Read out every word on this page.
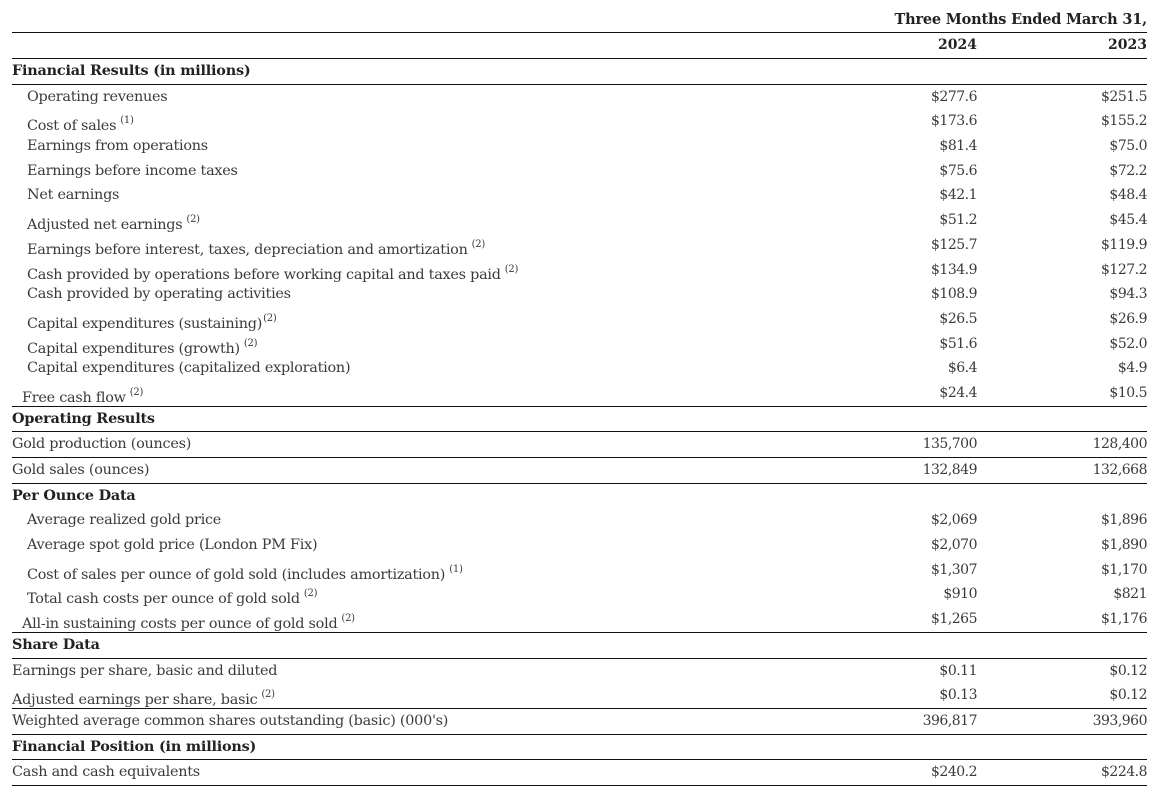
Three Months Ended March 31,
2024	2023
Financial Results (in millions)
Operating revenues	$277.6	$251.5
Cost of sales $^{(1)}$	$173.6	$155.2
Earnings from operations	$81.4	$75.0
Earnings before income taxes	$75.6	$72.2
Net earnings	$42.1	$48.4
Adjusted net earnings $^{(2)}$	$51.2	$45.4
Earnings before interest, taxes, depreciation and amortization $^{(2)}$	$125.7	$119.9
Cash provided by operations before working capital and taxes paid $^{(2)}$	$134.9	$127.2
Cash provided by operating activities	$108.9	$94.3
Capital expenditures (sustaining)$^{(2)}$	$26.5	$26.9
Capital expenditures (growth) $^{(2)}$	$51.6	$52.0
Capital expenditures (capitalized exploration)	$6.4	$4.9
Free cash flow $^{(2)}$	$24.4	$10.5
Operating Results
Gold production (ounces)	135,700	128,400
Gold sales (ounces)	132,849	132,668
Per Ounce Data
Average realized gold price	$2,069	$1,896
Average spot gold price (London PM Fix)	$2,070	$1,890
Cost of sales per ounce of gold sold (includes amortization) $^{(1)}$	$1,307	$1,170
Total cash costs per ounce of gold sold $^{(2)}$	$910	$821
All-in sustaining costs per ounce of gold sold $^{(2)}$	$1,265	$1,176
Share Data
Earnings per share, basic and diluted	$0.11	$0.12
Adjusted earnings per share, basic $^{(2)}$	$0.13	$0.12
Weighted average common shares outstanding (basic) (000's)	396,817	393,960
Financial Position (in millions)
Cash and cash equivalents	$240.2	$224.8
